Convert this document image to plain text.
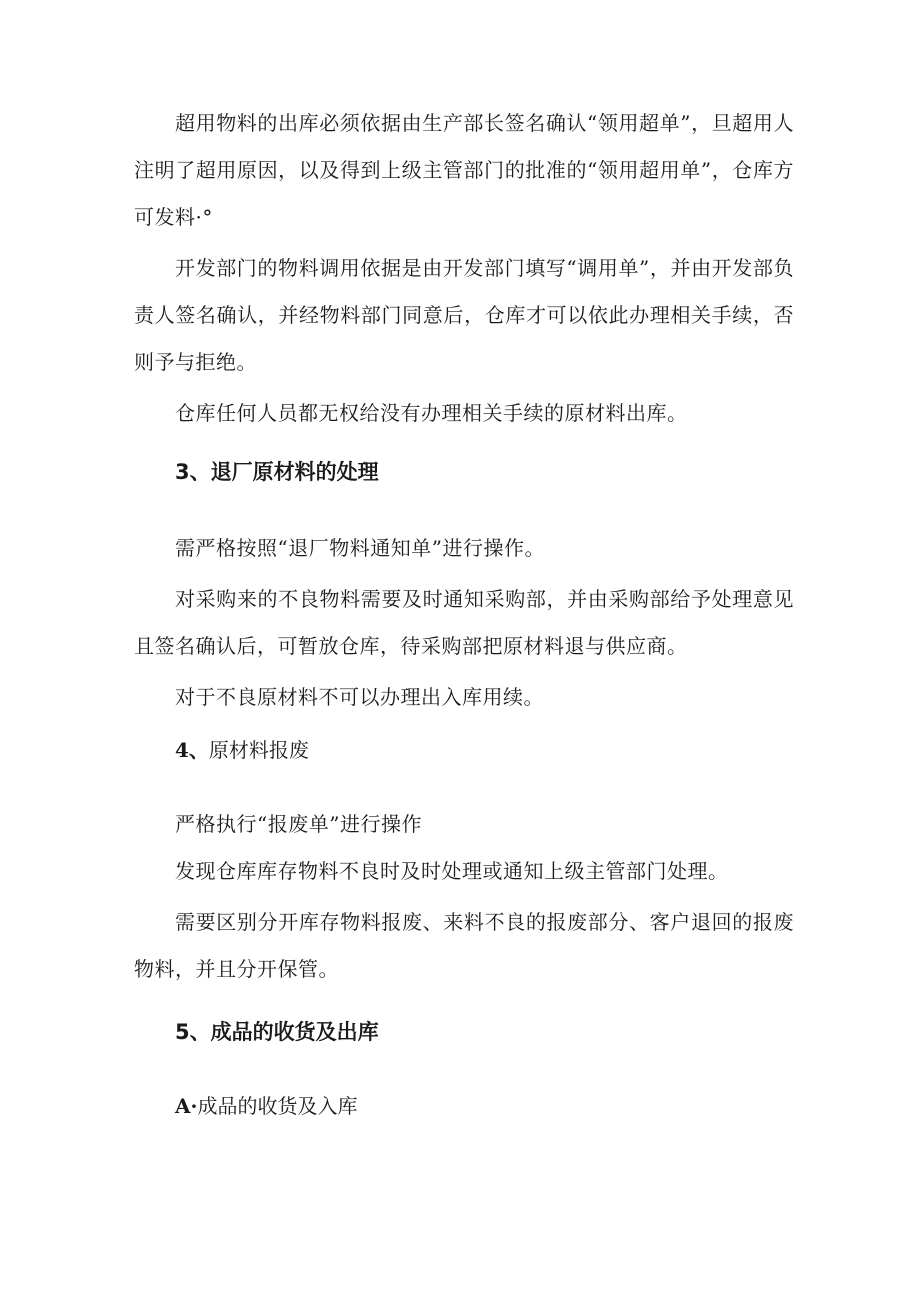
超用物料的出库必须依据由生产部长签名确认“领用超单”，旦超用人注明了超用原因，以及得到上级主管部门的批准的“领用超用单”，仓库方可发料·°

开发部门的物料调用依据是由开发部门填写“调用单”，并由开发部负责人签名确认，并经物料部门同意后，仓库才可以依此办理相关手续，否则予与拒绝。

仓库任何人员都无权给没有办理相关手续的原材料出库。

3、退厂原材料的处理

需严格按照“退厂物料通知单”进行操作。

对采购来的不良物料需要及时通知采购部，并由采购部给予处理意见且签名确认后，可暂放仓库，待采购部把原材料退与供应商。

对于不良原材料不可以办理出入库用续。

4、原材料报废

严格执行“报废单”进行操作

发现仓库库存物料不良时及时处理或通知上级主管部门处理。

需要区别分开库存物料报废、来料不良的报废部分、客户退回的报废物料，并且分开保管。

5、成品的收货及出库
A·成品的收货及入库
